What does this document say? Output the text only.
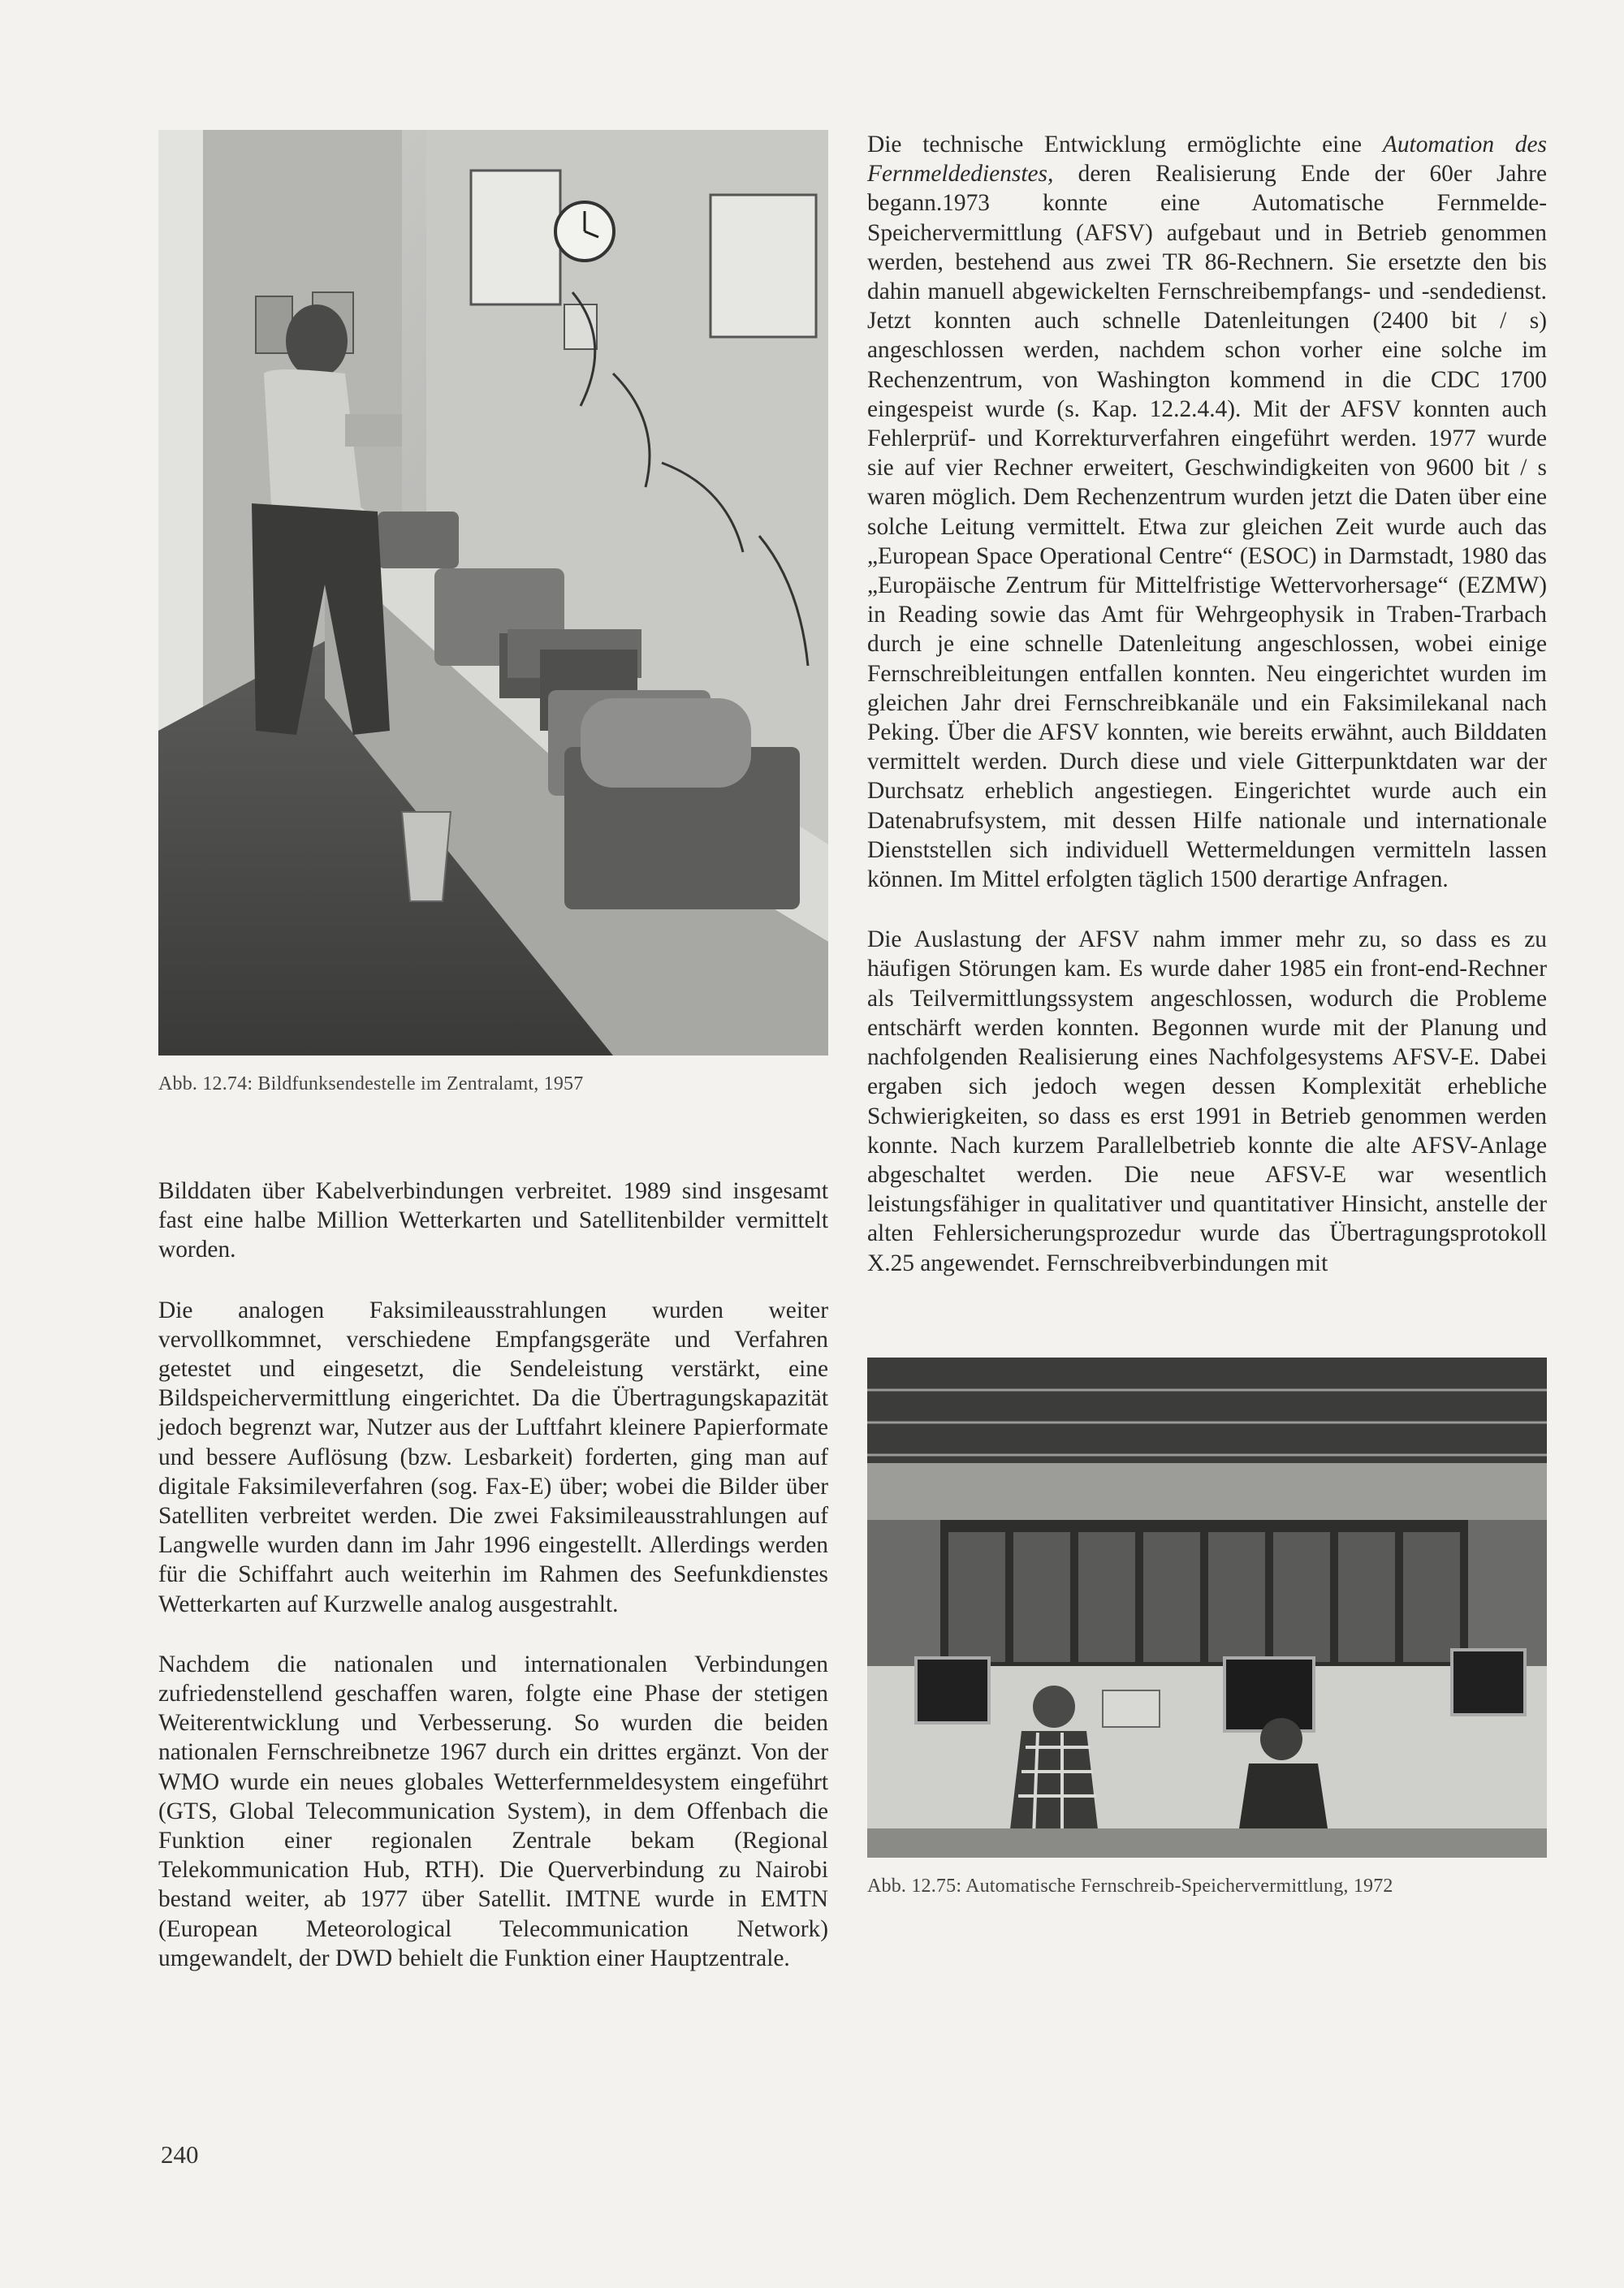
Abb. 12.74: Bildfunksendestelle im Zentralamt, 1957

Bilddaten über Kabelverbindungen verbreitet. 1989 sind insgesamt fast eine halbe Million Wetterkarten und Satellitenbilder vermittelt worden.

Die analogen Faksimileausstrahlungen wurden weiter vervollkommnet, verschiedene Empfangsgeräte und Verfahren getestet und eingesetzt, die Sendeleistung verstärkt, eine Bildspeichervermittlung eingerichtet. Da die Übertragungskapazität jedoch begrenzt war, Nutzer aus der Luftfahrt kleinere Papierformate und bessere Auflösung (bzw. Lesbarkeit) forderten, ging man auf digitale Faksimileverfahren (sog. Fax-E) über; wobei die Bilder über Satelliten verbreitet werden. Die zwei Faksimileausstrahlungen auf Langwelle wurden dann im Jahr 1996 eingestellt. Allerdings werden für die Schiffahrt auch weiterhin im Rahmen des Seefunkdienstes Wetterkarten auf Kurzwelle analog ausgestrahlt.

Nachdem die nationalen und internationalen Verbindungen zufriedenstellend geschaffen waren, folgte eine Phase der stetigen Weiterentwicklung und Verbesserung. So wurden die beiden nationalen Fernschreibnetze 1967 durch ein drittes ergänzt. Von der WMO wurde ein neues globales Wetterfernmeldesystem eingeführt (GTS, Global Telecommunication System), in dem Offenbach die Funktion einer regionalen Zentrale bekam (Regional Telekommunication Hub, RTH). Die Querverbindung zu Nairobi bestand weiter, ab 1977 über Satellit. IMTNE wurde in EMTN (European Meteorological Telecommunication Network) umgewandelt, der DWD behielt die Funktion einer Hauptzentrale.

Die technische Entwicklung ermöglichte eine Automation des Fernmeldedienstes, deren Realisierung Ende der 60er Jahre begann.1973 konnte eine Automatische Fernmelde-Speichervermittlung (AFSV) aufgebaut und in Betrieb genommen werden, bestehend aus zwei TR 86-Rechnern. Sie ersetzte den bis dahin manuell abgewickelten Fernschreibempfangs- und -sendedienst. Jetzt konnten auch schnelle Datenleitungen (2400 bit / s) angeschlossen werden, nachdem schon vorher eine solche im Rechenzentrum, von Washington kommend in die CDC 1700 eingespeist wurde (s. Kap. 12.2.4.4). Mit der AFSV konnten auch Fehlerprüf- und Korrekturverfahren eingeführt werden. 1977 wurde sie auf vier Rechner erweitert, Geschwindigkeiten von 9600 bit / s waren möglich. Dem Rechenzentrum wurden jetzt die Daten über eine solche Leitung vermittelt. Etwa zur gleichen Zeit wurde auch das „European Space Operational Centre“ (ESOC) in Darmstadt, 1980 das „Europäische Zentrum für Mittelfristige Wettervorhersage“ (EZMW) in Reading sowie das Amt für Wehrgeophysik in Traben-Trarbach durch je eine schnelle Datenleitung angeschlossen, wobei einige Fernschreibleitungen entfallen konnten. Neu eingerichtet wurden im gleichen Jahr drei Fernschreibkanäle und ein Faksimilekanal nach Peking. Über die AFSV konnten, wie bereits erwähnt, auch Bilddaten vermittelt werden. Durch diese und viele Gitterpunktdaten war der Durchsatz erheblich angestiegen. Eingerichtet wurde auch ein Datenabrufsystem, mit dessen Hilfe nationale und internationale Dienststellen sich individuell Wettermeldungen vermitteln lassen können. Im Mittel erfolgten täglich 1500 derartige Anfragen.

Die Auslastung der AFSV nahm immer mehr zu, so dass es zu häufigen Störungen kam. Es wurde daher 1985 ein front-end-Rechner als Teilvermittlungssystem angeschlossen, wodurch die Probleme entschärft werden konnten. Begonnen wurde mit der Planung und nachfolgenden Realisierung eines Nachfolgesystems AFSV-E. Dabei ergaben sich jedoch wegen dessen Komplexität erhebliche Schwierigkeiten, so dass es erst 1991 in Betrieb genommen werden konnte. Nach kurzem Parallelbetrieb konnte die alte AFSV-Anlage abgeschaltet werden. Die neue AFSV-E war wesentlich leistungsfähiger in qualitativer und quantitativer Hinsicht, anstelle der alten Fehlersicherungsprozedur wurde das Übertragungsprotokoll X.25 angewendet. Fernschreibverbindungen mit

Abb. 12.75: Automatische Fernschreib-Speichervermittlung, 1972
240
